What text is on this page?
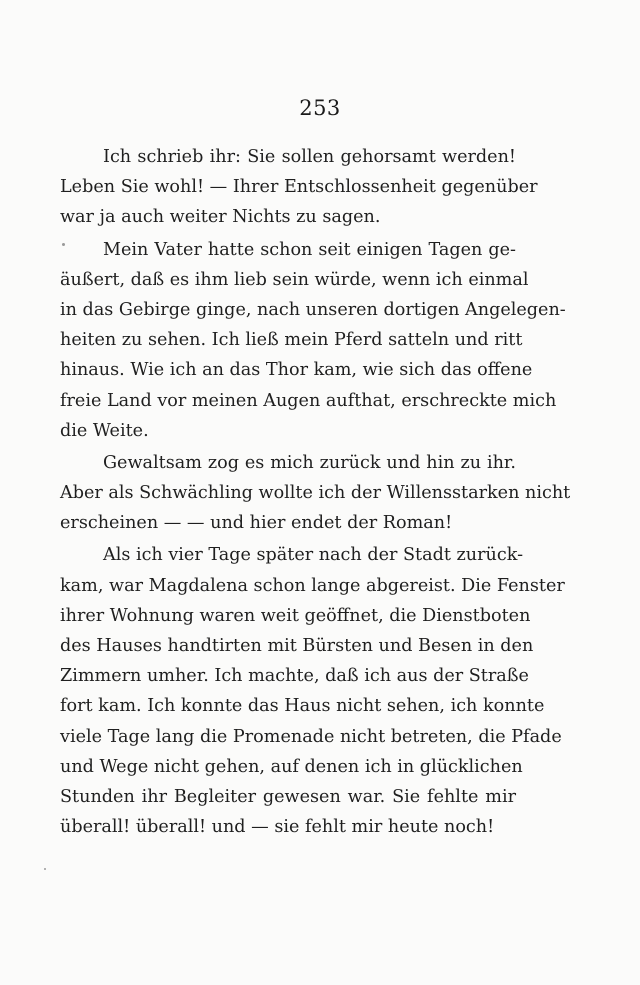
253
Ich schrieb ihr: Sie sollen gehorsamt werden!
Leben Sie wohl! — Ihrer Entschlossenheit gegenüber
war ja auch weiter Nichts zu sagen.
Mein Vater hatte schon seit einigen Tagen ge-
äußert, daß es ihm lieb sein würde, wenn ich einmal
in das Gebirge ginge, nach unseren dortigen Angelegen-
heiten zu sehen. Ich ließ mein Pferd satteln und ritt
hinaus. Wie ich an das Thor kam, wie sich das offene
freie Land vor meinen Augen aufthat, erschreckte mich
die Weite.
Gewaltsam zog es mich zurück und hin zu ihr.
Aber als Schwächling wollte ich der Willensstarken nicht
erscheinen — — und hier endet der Roman!
Als ich vier Tage später nach der Stadt zurück-
kam, war Magdalena schon lange abgereist. Die Fenster
ihrer Wohnung waren weit geöffnet, die Dienstboten
des Hauses handtirten mit Bürsten und Besen in den
Zimmern umher. Ich machte, daß ich aus der Straße
fort kam. Ich konnte das Haus nicht sehen, ich konnte
viele Tage lang die Promenade nicht betreten, die Pfade
und Wege nicht gehen, auf denen ich in glücklichen
Stunden ihr Begleiter gewesen war. Sie fehlte mir
überall! überall! und — sie fehlt mir heute noch!
